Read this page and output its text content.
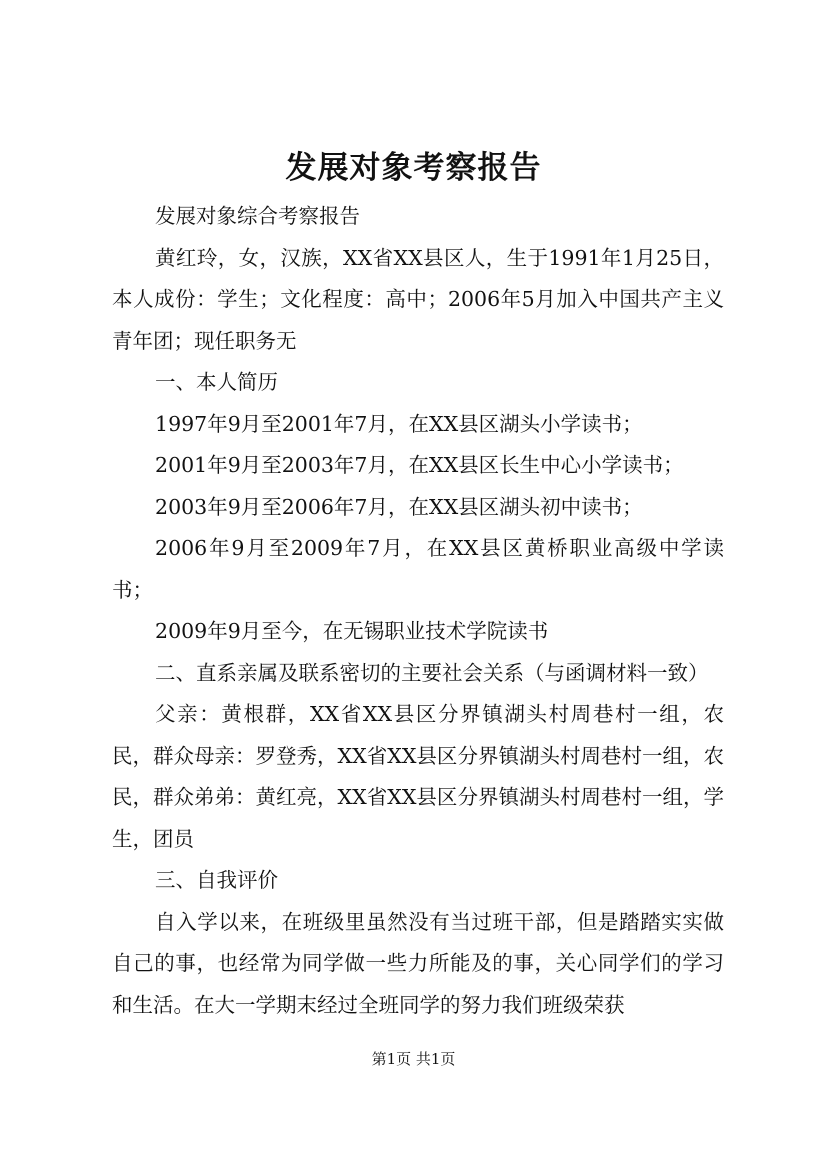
发展对象考察报告

发展对象综合考察报告

黄红玲，女，汉族，XX省XX县区人，生于1991年1月25日，本人成份：学生；文化程度：高中；2006年5月加入中国共产主义青年团；现任职务无

一、本人简历

1997年9月至2001年7月，在XX县区湖头小学读书；

2001年9月至2003年7月，在XX县区长生中心小学读书；

2003年9月至2006年7月，在XX县区湖头初中读书；

2006年9月至2009年7月，在XX县区黄桥职业高级中学读书；

2009年9月至今，在无锡职业技术学院读书

二、直系亲属及联系密切的主要社会关系（与函调材料一致）

父亲：黄根群，XX省XX县区分界镇湖头村周巷村一组，农民，群众母亲：罗登秀，XX省XX县区分界镇湖头村周巷村一组，农民，群众弟弟：黄红亮，XX省XX县区分界镇湖头村周巷村一组，学生，团员

三、自我评价

自入学以来，在班级里虽然没有当过班干部，但是踏踏实实做自己的事，也经常为同学做一些力所能及的事，关心同学们的学习和生活。在大一学期末经过全班同学的努力我们班级荣获

第1页 共1页
